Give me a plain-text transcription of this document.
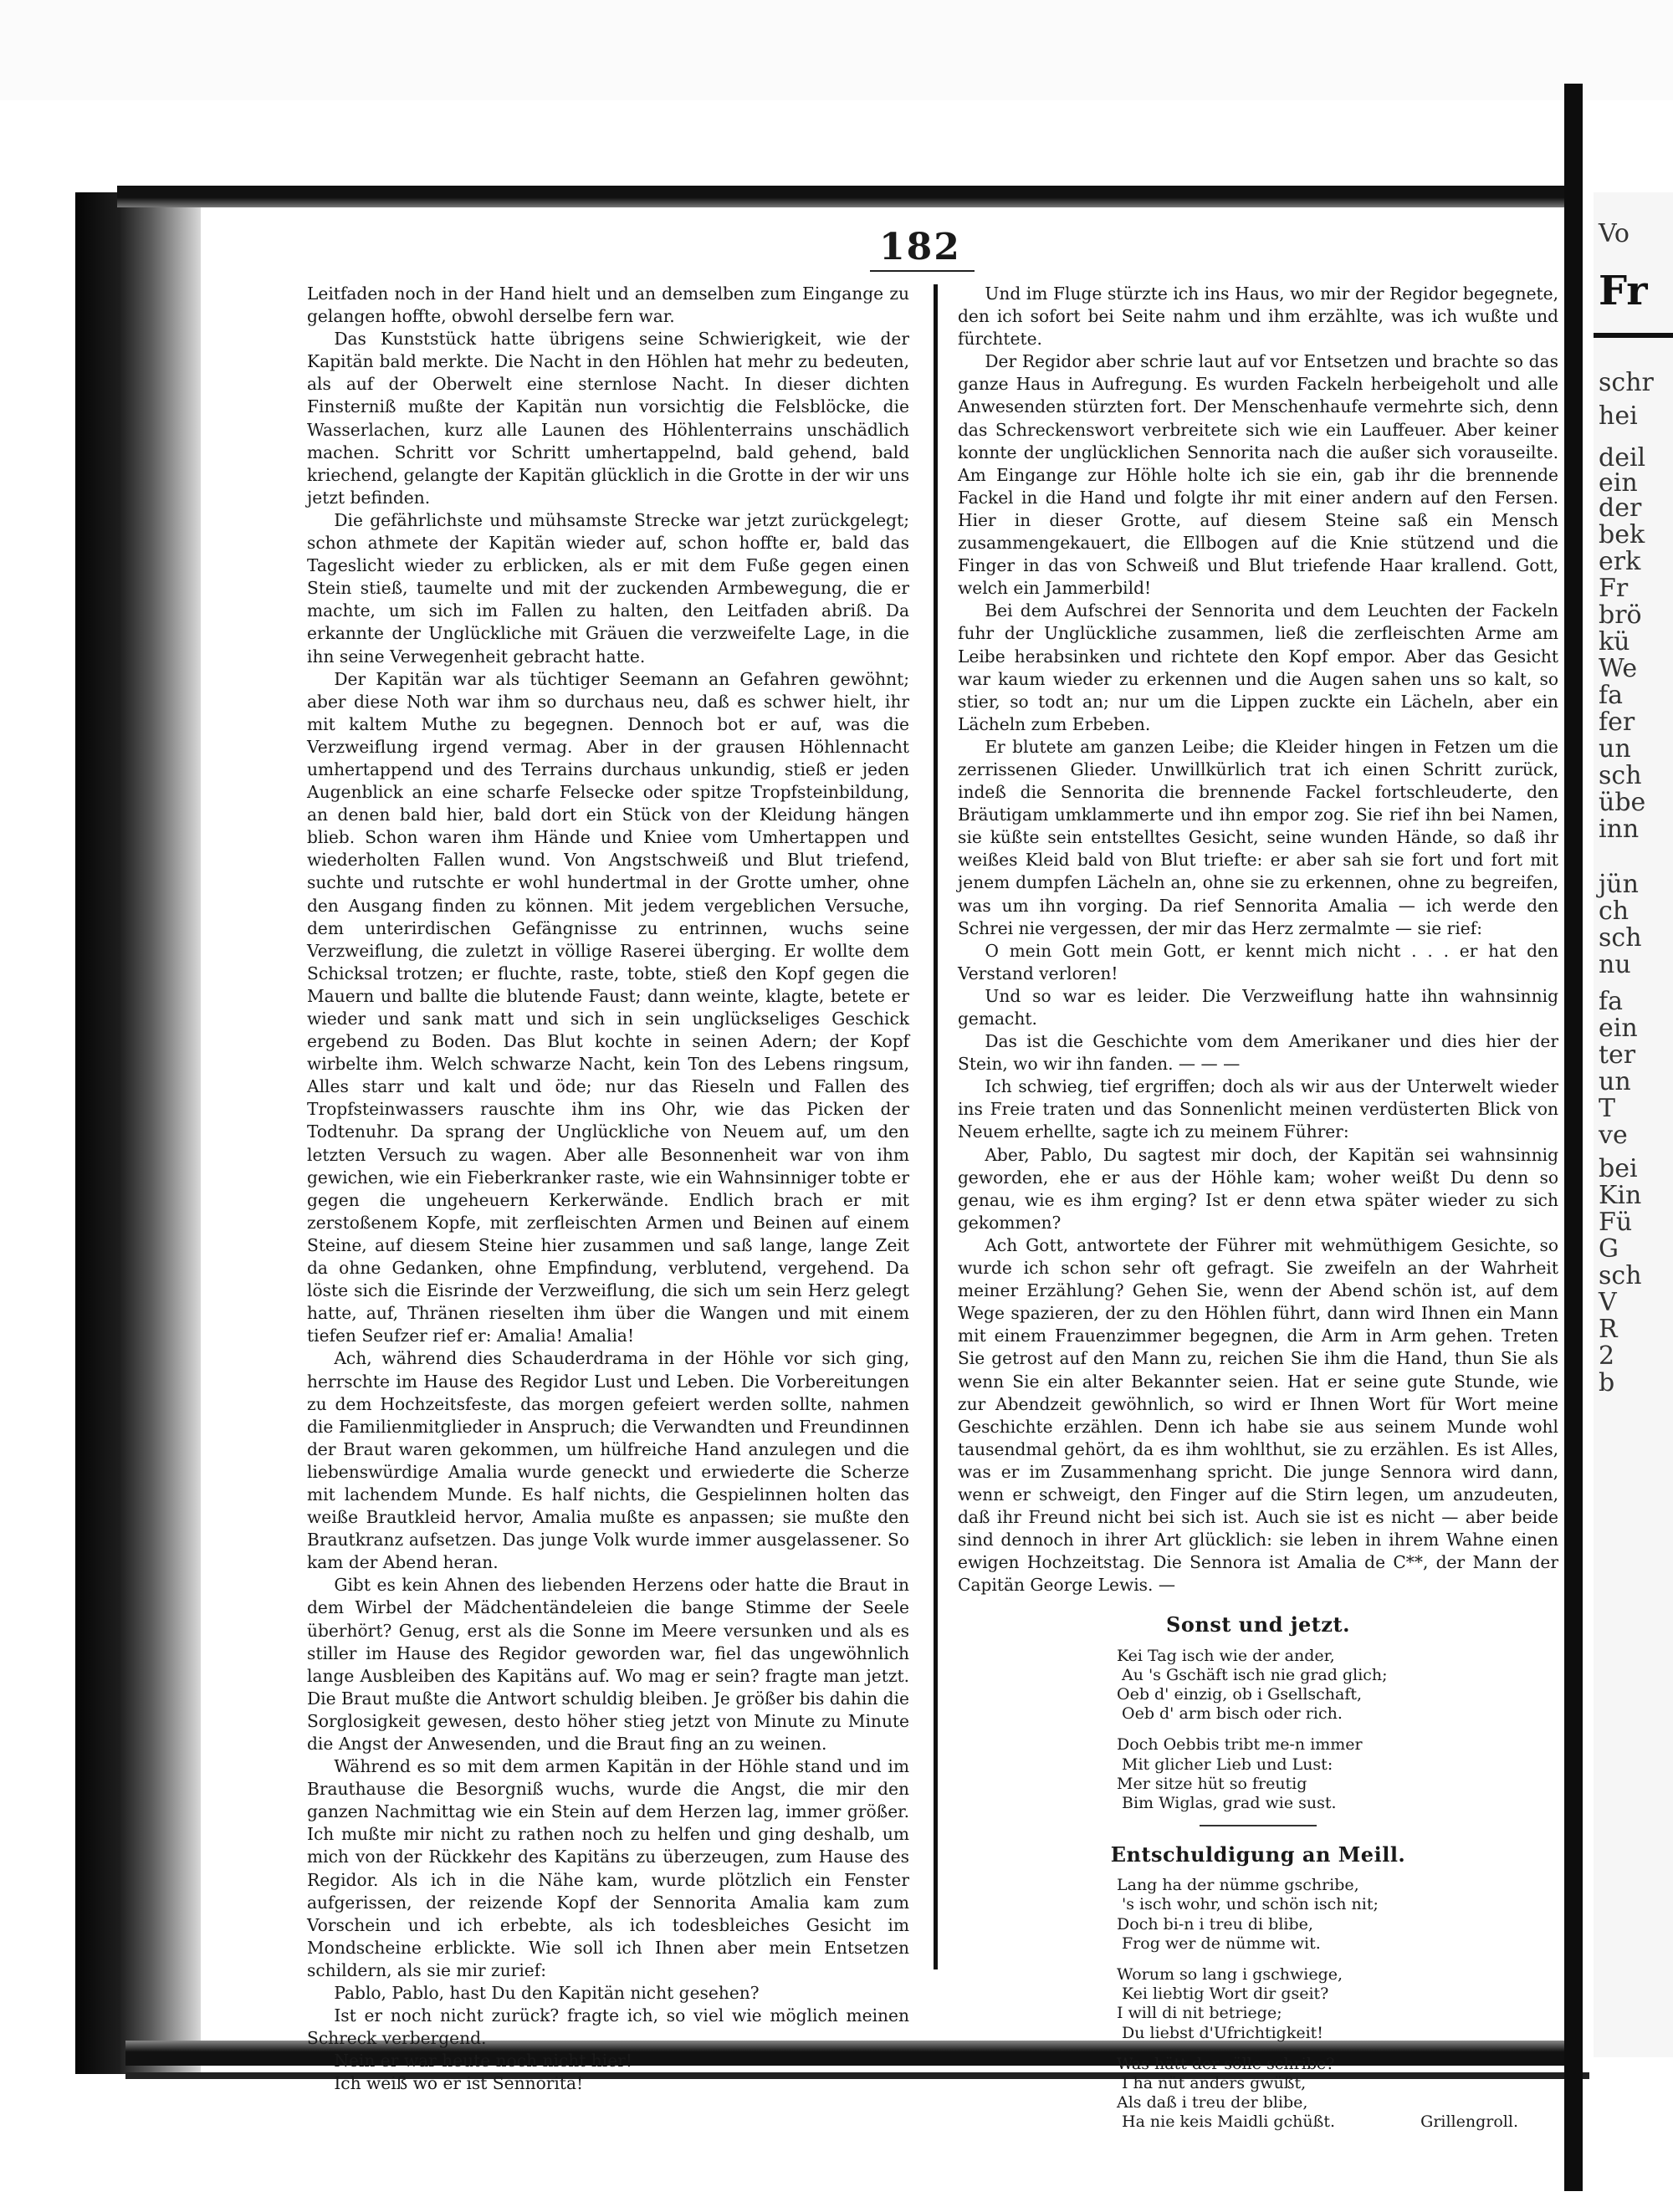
Vo
Fr
schr
hei
deil
ein
der
bek
erk
Fr
brö
kü
We
fa
fer
un
sch
übe
inn
jün
ch
sch
nu
fa
ein
ter
un
T
ve
bei
Kin
Fü
G
sch
V
R
2
b
182

Leitfaden noch in der Hand hielt und an demselben zum Eingange zu gelangen hoffte, obwohl derselbe fern war.

Das Kunststück hatte übrigens seine Schwierigkeit, wie der Kapitän bald merkte. Die Nacht in den Höhlen hat mehr zu bedeuten, als auf der Oberwelt eine sternlose Nacht. In dieser dichten Finsterniß mußte der Kapitän nun vorsichtig die Felsblöcke, die Wasserlachen, kurz alle Launen des Höhlenterrains unschädlich machen. Schritt vor Schritt umhertappelnd, bald gehend, bald kriechend, gelangte der Kapitän glücklich in die Grotte in der wir uns jetzt befinden.

Die gefährlichste und mühsamste Strecke war jetzt zurückgelegt; schon athmete der Kapitän wieder auf, schon hoffte er, bald das Tageslicht wieder zu erblicken, als er mit dem Fuße gegen einen Stein stieß, taumelte und mit der zuckenden Armbewegung, die er machte, um sich im Fallen zu halten, den Leitfaden abriß. Da erkannte der Unglückliche mit Gräuen die verzweifelte Lage, in die ihn seine Verwegenheit gebracht hatte.

Der Kapitän war als tüchtiger Seemann an Gefahren gewöhnt; aber diese Noth war ihm so durchaus neu, daß es schwer hielt, ihr mit kaltem Muthe zu begegnen. Dennoch bot er auf, was die Verzweiflung irgend vermag. Aber in der grausen Höhlennacht umhertappend und des Terrains durchaus unkundig, stieß er jeden Augenblick an eine scharfe Felsecke oder spitze Tropfsteinbildung, an denen bald hier, bald dort ein Stück von der Kleidung hängen blieb. Schon waren ihm Hände und Kniee vom Umhertappen und wiederholten Fallen wund. Von Angstschweiß und Blut triefend, suchte und rutschte er wohl hundertmal in der Grotte umher, ohne den Ausgang finden zu können. Mit jedem vergeblichen Versuche, dem unterirdischen Gefängnisse zu entrinnen, wuchs seine Verzweiflung, die zuletzt in völlige Raserei überging. Er wollte dem Schicksal trotzen; er fluchte, raste, tobte, stieß den Kopf gegen die Mauern und ballte die blutende Faust; dann weinte, klagte, betete er wieder und sank matt und sich in sein unglückseliges Geschick ergebend zu Boden. Das Blut kochte in seinen Adern; der Kopf wirbelte ihm. Welch schwarze Nacht, kein Ton des Lebens ringsum, Alles starr und kalt und öde; nur das Rieseln und Fallen des Tropfsteinwassers rauschte ihm ins Ohr, wie das Picken der Todtenuhr. Da sprang der Unglückliche von Neuem auf, um den letzten Versuch zu wagen. Aber alle Besonnenheit war von ihm gewichen, wie ein Fieberkranker raste, wie ein Wahnsinniger tobte er gegen die ungeheuern Kerkerwände. Endlich brach er mit zerstoßenem Kopfe, mit zerfleischten Armen und Beinen auf einem Steine, auf diesem Steine hier zusammen und saß lange, lange Zeit da ohne Gedanken, ohne Empfindung, verblutend, vergehend. Da löste sich die Eisrinde der Verzweiflung, die sich um sein Herz gelegt hatte, auf, Thränen rieselten ihm über die Wangen und mit einem tiefen Seufzer rief er: Amalia! Amalia!

Ach, während dies Schauderdrama in der Höhle vor sich ging, herrschte im Hause des Regidor Lust und Leben. Die Vorbereitungen zu dem Hochzeitsfeste, das morgen gefeiert werden sollte, nahmen die Familienmitglieder in Anspruch; die Verwandten und Freundinnen der Braut waren gekommen, um hülfreiche Hand anzulegen und die liebenswürdige Amalia wurde geneckt und erwiederte die Scherze mit lachendem Munde. Es half nichts, die Gespielinnen holten das weiße Brautkleid hervor, Amalia mußte es anpassen; sie mußte den Brautkranz aufsetzen. Das junge Volk wurde immer ausgelassener. So kam der Abend heran.

Gibt es kein Ahnen des liebenden Herzens oder hatte die Braut in dem Wirbel der Mädchentändeleien die bange Stimme der Seele überhört? Genug, erst als die Sonne im Meere versunken und als es stiller im Hause des Regidor geworden war, fiel das ungewöhnlich lange Ausbleiben des Kapitäns auf. Wo mag er sein? fragte man jetzt. Die Braut mußte die Antwort schuldig bleiben. Je größer bis dahin die Sorglosigkeit gewesen, desto höher stieg jetzt von Minute zu Minute die Angst der Anwesenden, und die Braut fing an zu weinen.

Während es so mit dem armen Kapitän in der Höhle stand und im Brauthause die Besorgniß wuchs, wurde die Angst, die mir den ganzen Nachmittag wie ein Stein auf dem Herzen lag, immer größer. Ich mußte mir nicht zu rathen noch zu helfen und ging deshalb, um mich von der Rückkehr des Kapitäns zu überzeugen, zum Hause des Regidor. Als ich in die Nähe kam, wurde plötzlich ein Fenster aufgerissen, der reizende Kopf der Sennorita Amalia kam zum Vorschein und ich erbebte, als ich todesbleiches Gesicht im Mondscheine erblickte. Wie soll ich Ihnen aber mein Entsetzen schildern, als sie mir zurief:

Pablo, Pablo, hast Du den Kapitän nicht gesehen?

Ist er noch nicht zurück? fragte ich, so viel wie möglich meinen Schreck verbergend.

Nein er war heute noch nicht hier!

Ich weiß wo er ist Sennorita!

Und im Fluge stürzte ich ins Haus, wo mir der Regidor begegnete, den ich sofort bei Seite nahm und ihm erzählte, was ich wußte und fürchtete.

Der Regidor aber schrie laut auf vor Entsetzen und brachte so das ganze Haus in Aufregung. Es wurden Fackeln herbeigeholt und alle Anwesenden stürzten fort. Der Menschenhaufe vermehrte sich, denn das Schreckenswort verbreitete sich wie ein Lauffeuer. Aber keiner konnte der unglücklichen Sennorita nach die außer sich vorauseilte. Am Eingange zur Höhle holte ich sie ein, gab ihr die brennende Fackel in die Hand und folgte ihr mit einer andern auf den Fersen. Hier in dieser Grotte, auf diesem Steine saß ein Mensch zusammengekauert, die Ellbogen auf die Knie stützend und die Finger in das von Schweiß und Blut triefende Haar krallend. Gott, welch ein Jammerbild!

Bei dem Aufschrei der Sennorita und dem Leuchten der Fackeln fuhr der Unglückliche zusammen, ließ die zerfleischten Arme am Leibe herabsinken und richtete den Kopf empor. Aber das Gesicht war kaum wieder zu erkennen und die Augen sahen uns so kalt, so stier, so todt an; nur um die Lippen zuckte ein Lächeln, aber ein Lächeln zum Erbeben.

Er blutete am ganzen Leibe; die Kleider hingen in Fetzen um die zerrissenen Glieder. Unwillkürlich trat ich einen Schritt zurück, indeß die Sennorita die brennende Fackel fortschleuderte, den Bräutigam umklammerte und ihn empor zog. Sie rief ihn bei Namen, sie küßte sein entstelltes Gesicht, seine wunden Hände, so daß ihr weißes Kleid bald von Blut triefte: er aber sah sie fort und fort mit jenem dumpfen Lächeln an, ohne sie zu erkennen, ohne zu begreifen, was um ihn vorging. Da rief Sennorita Amalia — ich werde den Schrei nie vergessen, der mir das Herz zermalmte — sie rief:

O mein Gott mein Gott, er kennt mich nicht . . . er hat den Verstand verloren!

Und so war es leider. Die Verzweiflung hatte ihn wahnsinnig gemacht.

Das ist die Geschichte vom dem Amerikaner und dies hier der Stein, wo wir ihn fanden. — — —

Ich schwieg, tief ergriffen; doch als wir aus der Unterwelt wieder ins Freie traten und das Sonnenlicht meinen verdüsterten Blick von Neuem erhellte, sagte ich zu meinem Führer:

Aber, Pablo, Du sagtest mir doch, der Kapitän sei wahnsinnig geworden, ehe er aus der Höhle kam; woher weißt Du denn so genau, wie es ihm erging? Ist er denn etwa später wieder zu sich gekommen?

Ach Gott, antwortete der Führer mit wehmüthigem Gesichte, so wurde ich schon sehr oft gefragt. Sie zweifeln an der Wahrheit meiner Erzählung? Gehen Sie, wenn der Abend schön ist, auf dem Wege spazieren, der zu den Höhlen führt, dann wird Ihnen ein Mann mit einem Frauenzimmer begegnen, die Arm in Arm gehen. Treten Sie getrost auf den Mann zu, reichen Sie ihm die Hand, thun Sie als wenn Sie ein alter Bekannter seien. Hat er seine gute Stunde, wie zur Abendzeit gewöhnlich, so wird er Ihnen Wort für Wort meine Geschichte erzählen. Denn ich habe sie aus seinem Munde wohl tausendmal gehört, da es ihm wohlthut, sie zu erzählen. Es ist Alles, was er im Zusammenhang spricht. Die junge Sennora wird dann, wenn er schweigt, den Finger auf die Stirn legen, um anzudeuten, daß ihr Freund nicht bei sich ist. Auch sie ist es nicht — aber beide sind dennoch in ihrer Art glücklich: sie leben in ihrem Wahne einen ewigen Hochzeitstag. Die Sennora ist Amalia de C**, der Mann der Capitän George Lewis. —

Sonst und jetzt.
Kei Tag isch wie der ander,
Au 's Gschäft isch nie grad glich;
Oeb d' einzig, ob i Gsellschaft,
Oeb d' arm bisch oder rich.
Doch Oebbis tribt me-n immer
Mit glicher Lieb und Lust:
Mer sitze hüt so freutig
Bim Wiglas, grad wie sust.
Entschuldigung an Meill.
Lang ha der nümme gschribe,
's isch wohr, und schön isch nit;
Doch bi-n i treu di blibe,
Frog wer de nümme wit.
Worum so lang i gschwiege,
Kei liebtig Wort dir gseit?
I will di nit betriege;
Du liebst d'Ufrichtigkeit!
Was hätt der sölle schribe?
I ha nüt anders gwüßt,
Als daß i treu der blibe,
Ha nie keis Maidli gchüßt.	Grillengroll.
